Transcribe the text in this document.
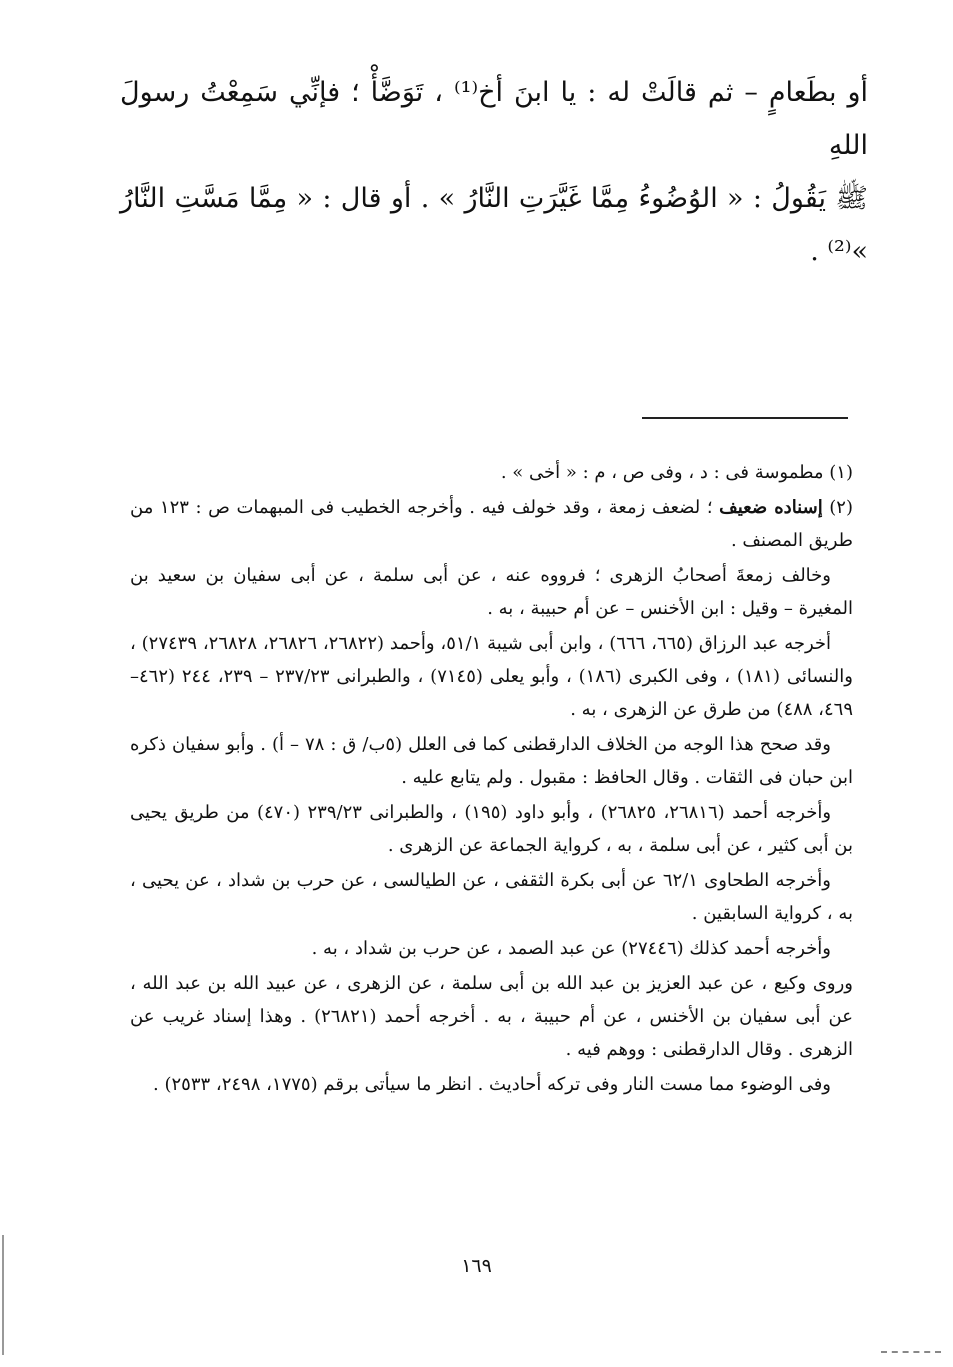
أو بطَعامٍ – ثم قالَتْ له : يا ابنَ أخ⁽¹⁾ ، تَوَضَّأْ ؛ فإنِّي سَمِعْتُ رسولَ اللهِ

ﷺ يَقُولُ : « الوُضُوءُ مِمَّا غَيَّرَتِ النَّارُ » . أو قال : « مِمَّا مَسَّتِ النَّارُ »⁽²⁾ .

(١) مطموسة فى : د ، وفى ص ، م : « أخى » .

(٢) إسناده ضعيف ؛ لضعف زمعة ، وقد خولف فيه . وأخرجه الخطيب فى المبهمات ص : ١٢٣ من طريق المصنف .

وخالف زمعةَ أصحابُ الزهرى ؛ فرووه عنه ، عن أبى سلمة ، عن أبى سفيان بن سعيد بن المغيرة – وقيل : ابن الأخنس – عن أم حبيبة ، به .

أخرجه عبد الرزاق (٦٦٥، ٦٦٦) ، وابن أبى شيبة ٥١/١، وأحمد (٢٦٨٢٢، ٢٦٨٢٦، ٢٦٨٢٨، ٢٧٤٣٩) ، والنسائى (١٨١) ، وفى الكبرى (١٨٦) ، وأبو يعلى (٧١٤٥) ، والطبرانى ٢٣٧/٢٣ – ٢٣٩، ٢٤٤ (٤٦٢– ٤٦٩، ٤٨٨) من طرق عن الزهرى ، به .

وقد صحح هذا الوجه من الخلاف الدارقطنى كما فى العلل (٥ب/ ق : ٧٨ – أ) . وأبو سفيان ذكره ابن حبان فى الثقات . وقال الحافظ : مقبول . ولم يتابع عليه .

وأخرجه أحمد (٢٦٨١٦، ٢٦٨٢٥) ، وأبو داود (١٩٥) ، والطبرانى ٢٣٩/٢٣ (٤٧٠) من طريق يحيى بن أبى كثير ، عن أبى سلمة ، به ، كرواية الجماعة عن الزهرى .

وأخرجه الطحاوى ٦٢/١ عن أبى بكرة الثقفى ، عن الطيالسى ، عن حرب بن شداد ، عن يحيى ، به ، كرواية السابقين .

وأخرجه أحمد كذلك (٢٧٤٤٦) عن عبد الصمد ، عن حرب بن شداد ، به .

وروى وكيع ، عن عبد العزيز بن عبد الله بن أبى سلمة ، عن الزهرى ، عن عبيد الله بن عبد الله ، عن أبى سفيان بن الأخنس ، عن أم حبيبة ، به . أخرجه أحمد (٢٦٨٢١) . وهذا إسناد غريب عن الزهرى . وقال الدارقطنى : ووهم فيه .

وفى الوضوء مما مست النار وفى تركه أحاديث . انظر ما سيأتى برقم (١٧٧٥، ٢٤٩٨، ٢٥٣٣) .

١٦٩
